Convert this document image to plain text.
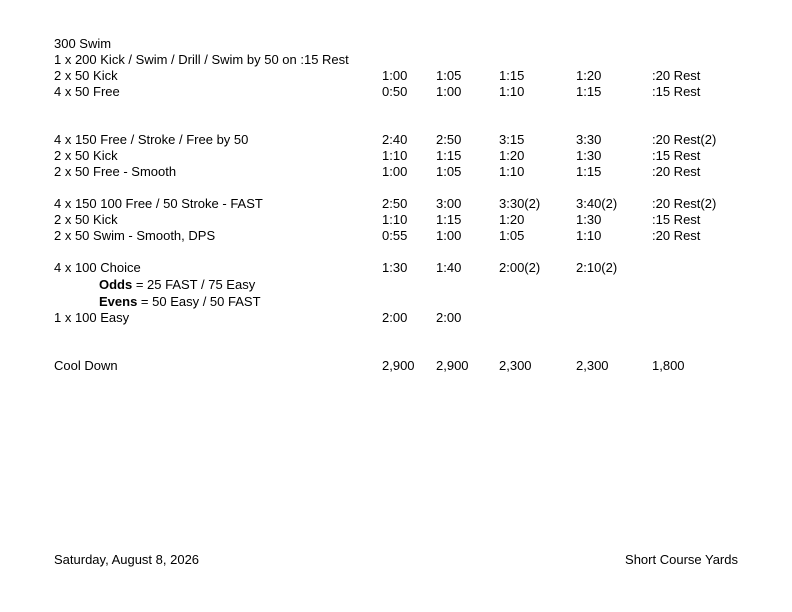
300 Swim
1 x 200 Kick / Swim / Drill / Swim by 50 on :15 Rest
2 x 50 Kick	1:00 1:05	1:15	1:20	:20 Rest
4 x 50 Free	0:50 1:00	1:10	1:15	:15 Rest
4 x 150 Free / Stroke / Free by 50	2:40 2:50	3:15	3:30	:20 Rest(2)
2 x 50 Kick	1:10 1:15	1:20	1:30	:15 Rest
2 x 50 Free - Smooth	1:00 1:05	1:10	1:15	:20 Rest
4 x 150 100 Free / 50 Stroke - FAST	2:50 3:00	3:30(2)	3:40(2)	:20 Rest(2)
2 x 50 Kick	1:10 1:15	1:20	1:30	:15 Rest
2 x 50 Swim - Smooth, DPS	0:55 1:00	1:05	1:10	:20 Rest
4 x 100 Choice	1:30 1:40	2:00(2)	2:10(2)
Odds = 25 FAST / 75 Easy
Evens = 50 Easy / 50 FAST
1 x 100 Easy	2:00 2:00
Cool Down	2,900 2,900 2,300	2,300	1,800
Saturday, August 8, 2026	Short Course Yards
